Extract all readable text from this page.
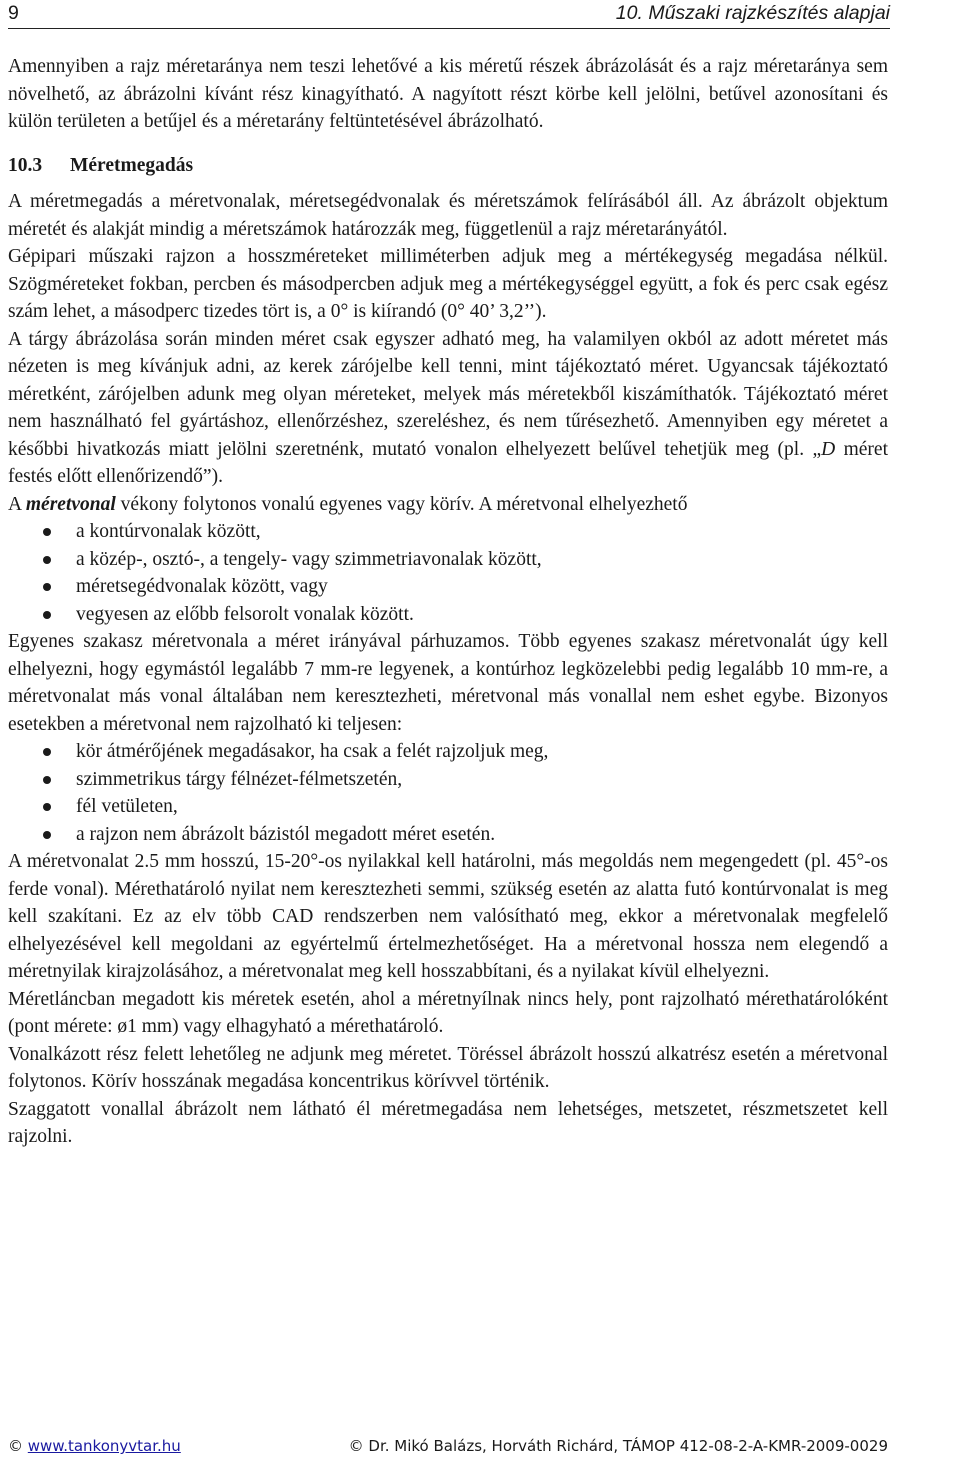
9	10. Műszaki rajzkészítés alapjai

Amennyiben a rajz méretaránya nem teszi lehetővé a kis méretű részek ábrázolását és a rajz méretaránya sem növelhető, az ábrázolni kívánt rész kinagyítható. A nagyított részt körbe kell jelölni, betűvel azonosítani és külön területen a betűjel és a méretarány feltüntetésével ábrázolható.

10.3 Méretmegadás

A méretmegadás a méretvonalak, méretsegédvonalak és méretszámok felírásából áll. Az ábrázolt objektum méretét és alakját mindig a méretszámok határozzák meg, függetlenül a rajz méretarányától.

Gépipari műszaki rajzon a hosszméreteket milliméterben adjuk meg a mértékegység megadása nélkül. Szögméreteket fokban, percben és másodpercben adjuk meg a mértékegységgel együtt, a fok és perc csak egész szám lehet, a másodperc tizedes tört is, a 0° is kiírandó (0° 40’ 3,2’’).

A tárgy ábrázolása során minden méret csak egyszer adható meg, ha valamilyen okból az adott méretet más nézeten is meg kívánjuk adni, az kerek zárójelbe kell tenni, mint tájékoztató méret. Ugyancsak tájékoztató méretként, zárójelben adunk meg olyan méreteket, melyek más méretekből kiszámíthatók. Tájékoztató méret nem használható fel gyártáshoz, ellenőrzéshez, szereléshez, és nem tűrésezhető. Amennyiben egy méretet a későbbi hivatkozás miatt jelölni szeretnénk, mutató vonalon elhelyezett belűvel tehetjük meg (pl. „D méret festés előtt ellenőrizendő”).

A méretvonal vékony folytonos vonalú egyenes vagy körív. A méretvonal elhelyezhető

a kontúrvonalak között,
a közép-, osztó-, a tengely- vagy szimmetriavonalak között,
méretsegédvonalak között, vagy
vegyesen az előbb felsorolt vonalak között.

Egyenes szakasz méretvonala a méret irányával párhuzamos. Több egyenes szakasz méretvonalát úgy kell elhelyezni, hogy egymástól legalább 7 mm-re legyenek, a kontúrhoz legközelebbi pedig legalább 10 mm-re, a méretvonalat más vonal általában nem keresztezheti, méretvonal más vonallal nem eshet egybe. Bizonyos esetekben a méretvonal nem rajzolható ki teljesen:

kör átmérőjének megadásakor, ha csak a felét rajzoljuk meg,
szimmetrikus tárgy félnézet-félmetszetén,
fél vetületen,
a rajzon nem ábrázolt bázistól megadott méret esetén.

A méretvonalat 2.5 mm hosszú, 15-20°-os nyilakkal kell határolni, más megoldás nem megengedett (pl. 45°-os ferde vonal). Mérethatároló nyilat nem keresztezheti semmi, szükség esetén az alatta futó kontúrvonalat is meg kell szakítani. Ez az elv több CAD rendszerben nem valósítható meg, ekkor a méretvonalak megfelelő elhelyezésével kell megoldani az egyértelmű értelmezhetőséget. Ha a méretvonal hossza nem elegendő a méretnyilak kirajzolásához, a méretvonalat meg kell hosszabbítani, és a nyilakat kívül elhelyezni.

Méretláncban megadott kis méretek esetén, ahol a méretnyílnak nincs hely, pont rajzolható mérethatárolóként (pont mérete: ø1 mm) vagy elhagyható a mérethatároló.

Vonalkázott rész felett lehetőleg ne adjunk meg méretet. Töréssel ábrázolt hosszú alkatrész esetén a méretvonal folytonos. Körív hosszának megadása koncentrikus körívvel történik.

Szaggatott vonallal ábrázolt nem látható él méretmegadása nem lehetséges, metszetet, részmetszetet kell rajzolni.

© www.tankonyvtar.hu	© Dr. Mikó Balázs, Horváth Richárd, TÁMOP 412-08-2-A-KMR-2009-0029
